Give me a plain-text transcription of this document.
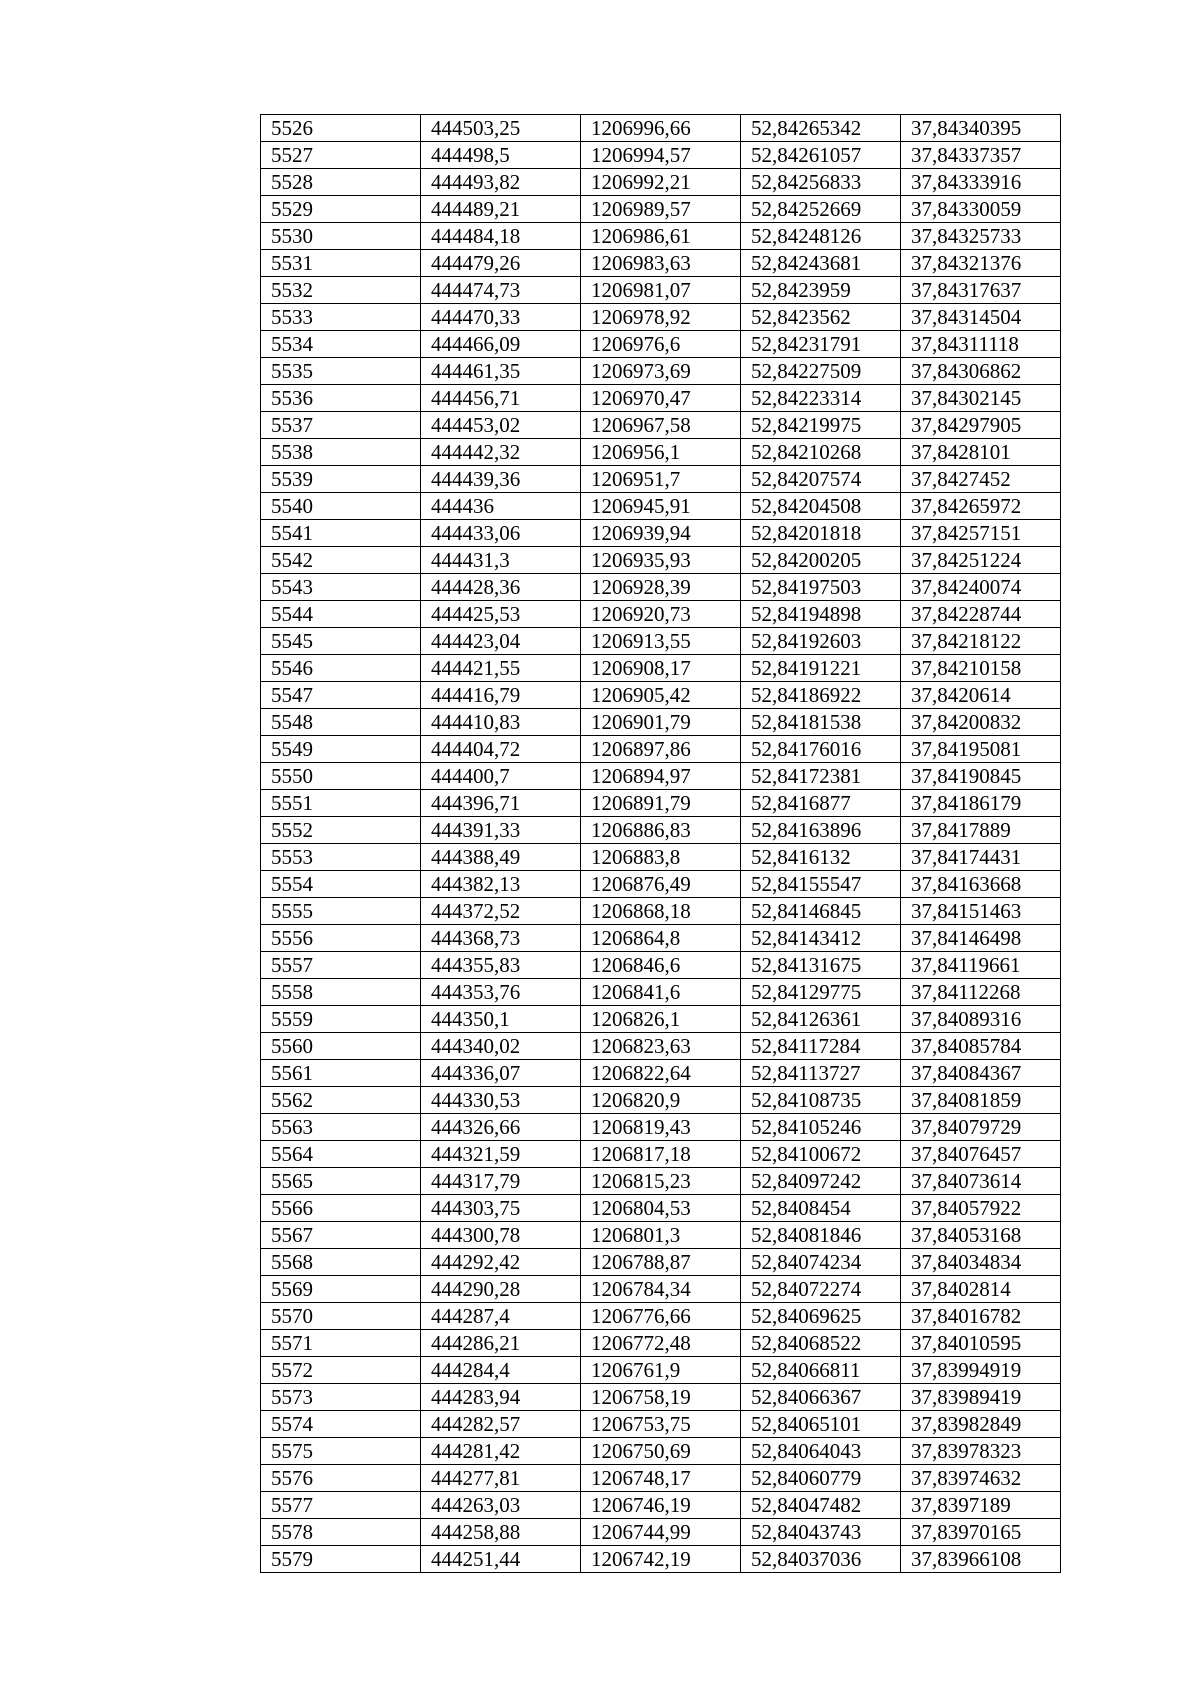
5526	444503,25	1206996,66	52,84265342	37,84340395
5527	444498,5	1206994,57	52,84261057	37,84337357
5528	444493,82	1206992,21	52,84256833	37,84333916
5529	444489,21	1206989,57	52,84252669	37,84330059
5530	444484,18	1206986,61	52,84248126	37,84325733
5531	444479,26	1206983,63	52,84243681	37,84321376
5532	444474,73	1206981,07	52,8423959	37,84317637
5533	444470,33	1206978,92	52,8423562	37,84314504
5534	444466,09	1206976,6	52,84231791	37,84311118
5535	444461,35	1206973,69	52,84227509	37,84306862
5536	444456,71	1206970,47	52,84223314	37,84302145
5537	444453,02	1206967,58	52,84219975	37,84297905
5538	444442,32	1206956,1	52,84210268	37,8428101
5539	444439,36	1206951,7	52,84207574	37,8427452
5540	444436	1206945,91	52,84204508	37,84265972
5541	444433,06	1206939,94	52,84201818	37,84257151
5542	444431,3	1206935,93	52,84200205	37,84251224
5543	444428,36	1206928,39	52,84197503	37,84240074
5544	444425,53	1206920,73	52,84194898	37,84228744
5545	444423,04	1206913,55	52,84192603	37,84218122
5546	444421,55	1206908,17	52,84191221	37,84210158
5547	444416,79	1206905,42	52,84186922	37,8420614
5548	444410,83	1206901,79	52,84181538	37,84200832
5549	444404,72	1206897,86	52,84176016	37,84195081
5550	444400,7	1206894,97	52,84172381	37,84190845
5551	444396,71	1206891,79	52,8416877	37,84186179
5552	444391,33	1206886,83	52,84163896	37,8417889
5553	444388,49	1206883,8	52,8416132	37,84174431
5554	444382,13	1206876,49	52,84155547	37,84163668
5555	444372,52	1206868,18	52,84146845	37,84151463
5556	444368,73	1206864,8	52,84143412	37,84146498
5557	444355,83	1206846,6	52,84131675	37,84119661
5558	444353,76	1206841,6	52,84129775	37,84112268
5559	444350,1	1206826,1	52,84126361	37,84089316
5560	444340,02	1206823,63	52,84117284	37,84085784
5561	444336,07	1206822,64	52,84113727	37,84084367
5562	444330,53	1206820,9	52,84108735	37,84081859
5563	444326,66	1206819,43	52,84105246	37,84079729
5564	444321,59	1206817,18	52,84100672	37,84076457
5565	444317,79	1206815,23	52,84097242	37,84073614
5566	444303,75	1206804,53	52,8408454	37,84057922
5567	444300,78	1206801,3	52,84081846	37,84053168
5568	444292,42	1206788,87	52,84074234	37,84034834
5569	444290,28	1206784,34	52,84072274	37,8402814
5570	444287,4	1206776,66	52,84069625	37,84016782
5571	444286,21	1206772,48	52,84068522	37,84010595
5572	444284,4	1206761,9	52,84066811	37,83994919
5573	444283,94	1206758,19	52,84066367	37,83989419
5574	444282,57	1206753,75	52,84065101	37,83982849
5575	444281,42	1206750,69	52,84064043	37,83978323
5576	444277,81	1206748,17	52,84060779	37,83974632
5577	444263,03	1206746,19	52,84047482	37,8397189
5578	444258,88	1206744,99	52,84043743	37,83970165
5579	444251,44	1206742,19	52,84037036	37,83966108
